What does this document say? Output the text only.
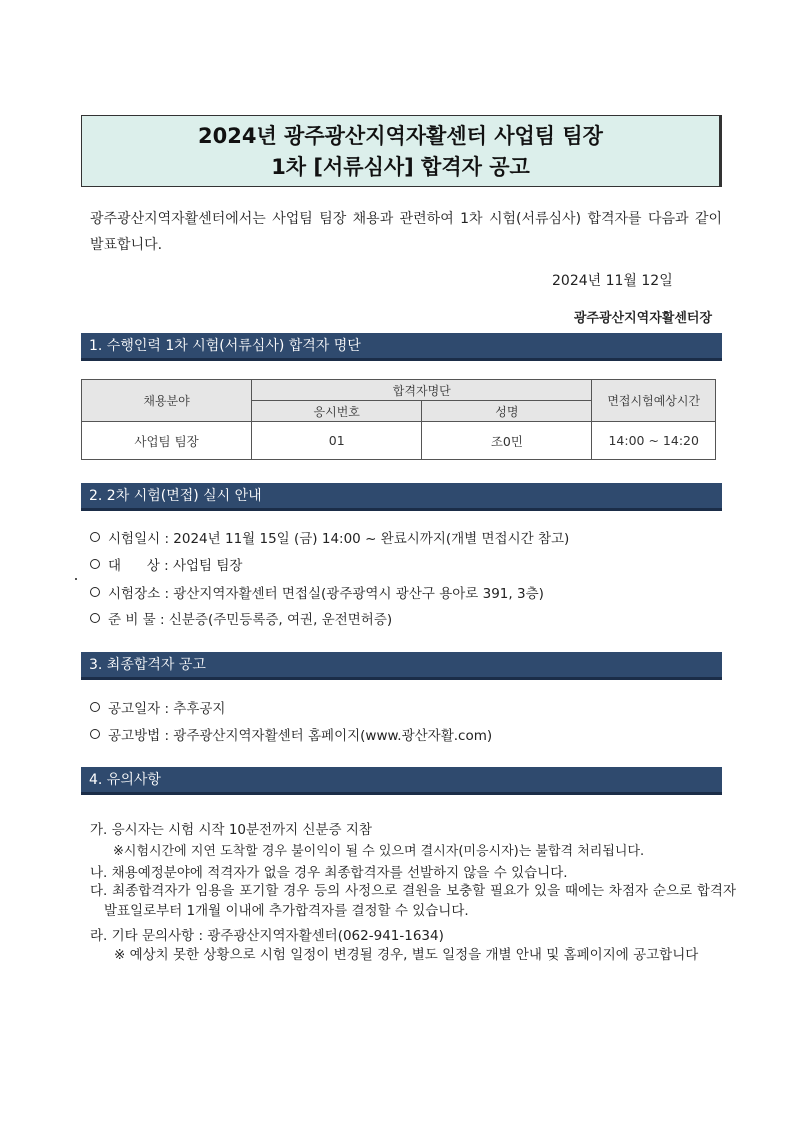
2024년 광주광산지역자활센터 사업팀 팀장
1차 [서류심사] 합격자 공고
광주광산지역자활센터에서는 사업팀 팀장 채용과 관련하여 1차 시험(서류심사) 합격자를 다음과 같이 발표합니다.
2024년 11월 12일
광주광산지역자활센터장
1. 수행인력 1차 시험(서류심사) 합격자 명단
채용분야	합격자명단		면접시험예상시간
	응시번호	성명	
사업팀 팀장	01	조0민	14:00 ~ 14:20
2. 2차 시험(면접) 실시 안내
시험일시 : 2024년 11월 15일 (금) 14:00 ~ 완료시까지(개별 면접시간 참고)
대      상 : 사업팀 팀장
시험장소 : 광산지역자활센터 면접실(광주광역시 광산구 용아로 391, 3층)
준 비 물 : 신분증(주민등록증, 여권, 운전면허증)
3. 최종합격자 공고
공고일자 : 추후공지
공고방법 : 광주광산지역자활센터 홈페이지(www.광산자활.com)
4. 유의사항
가. 응시자는 시험 시작 10분전까지 신분증 지참
※시험시간에 지연 도착할 경우 불이익이 될 수 있으며 결시자(미응시자)는 불합격 처리됩니다.
나. 채용예정분야에 적격자가 없을 경우 최종합격자를 선발하지 않을 수 있습니다.
다. 최종합격자가 임용을 포기할 경우 등의 사정으로 결원을 보충할 필요가 있을 때에는 차점자 순으로 합격자 발표일로부터 1개월 이내에 추가합격자를 결정할 수 있습니다.
라. 기타 문의사항 : 광주광산지역자활센터(062-941-1634)
※ 예상치 못한 상황으로 시험 일정이 변경될 경우, 별도 일정을 개별 안내 및 홈페이지에 공고합니다
